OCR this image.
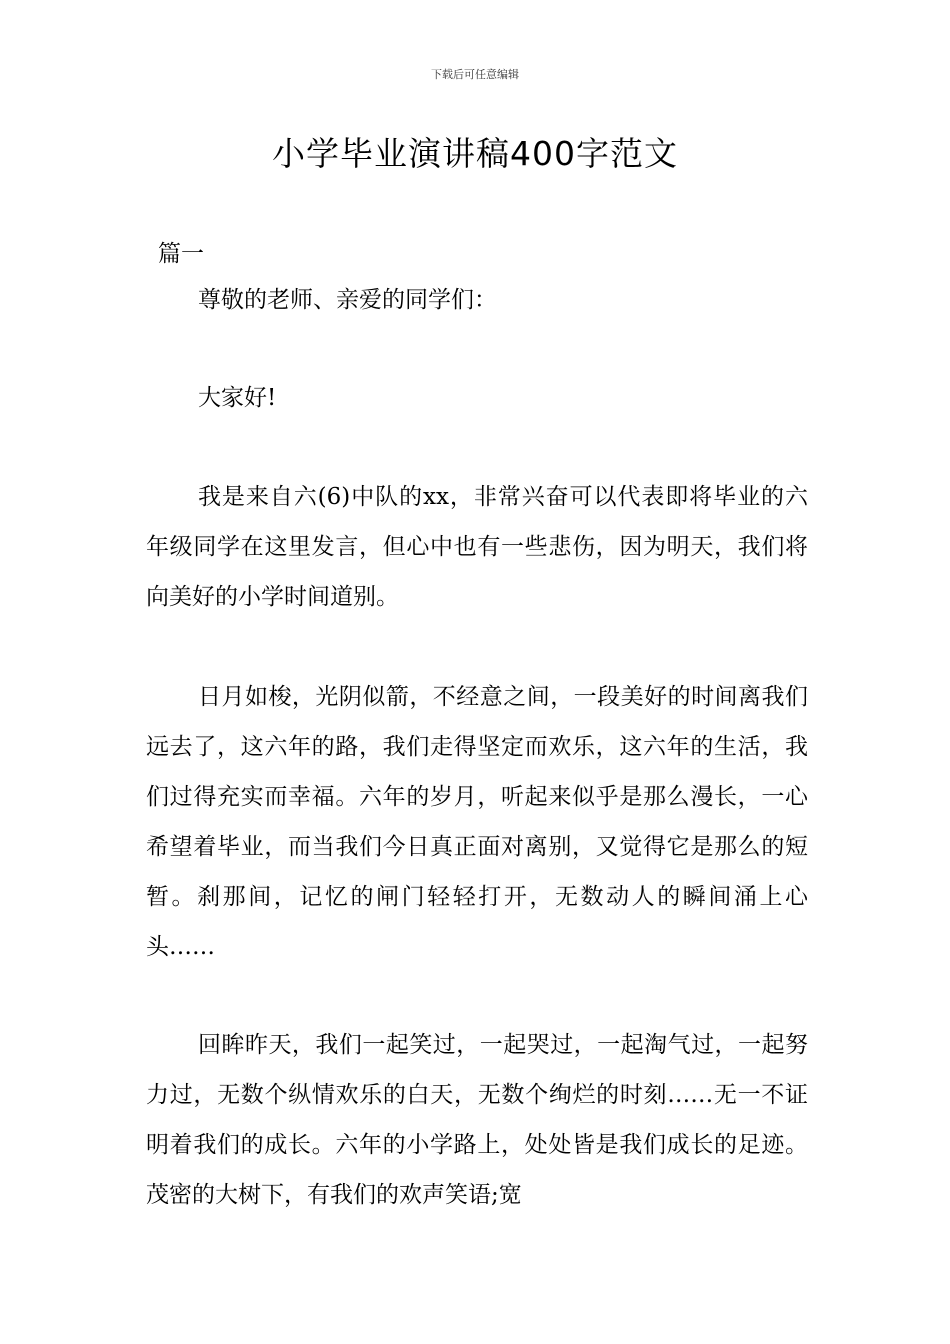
下载后可任意编辑
小学毕业演讲稿400字范文
篇一
尊敬的老师、亲爱的同学们：
大家好!
我是来自六(6)中队的xx，非常兴奋可以代表即将毕业的六年级同学在这里发言，但心中也有一些悲伤，因为明天，我们将向美好的小学时间道别。
日月如梭，光阴似箭，不经意之间，一段美好的时间离我们远去了，这六年的路，我们走得坚定而欢乐，这六年的生活，我们过得充实而幸福。六年的岁月，听起来似乎是那么漫长，一心希望着毕业，而当我们今日真正面对离别，又觉得它是那么的短暂。刹那间，记忆的闸门轻轻打开，无数动人的瞬间涌上心头……
回眸昨天，我们一起笑过，一起哭过，一起淘气过，一起努力过，无数个纵情欢乐的白天，无数个绚烂的时刻……无一不证明着我们的成长。六年的小学路上，处处皆是我们成长的足迹。茂密的大树下，有我们的欢声笑语;宽
